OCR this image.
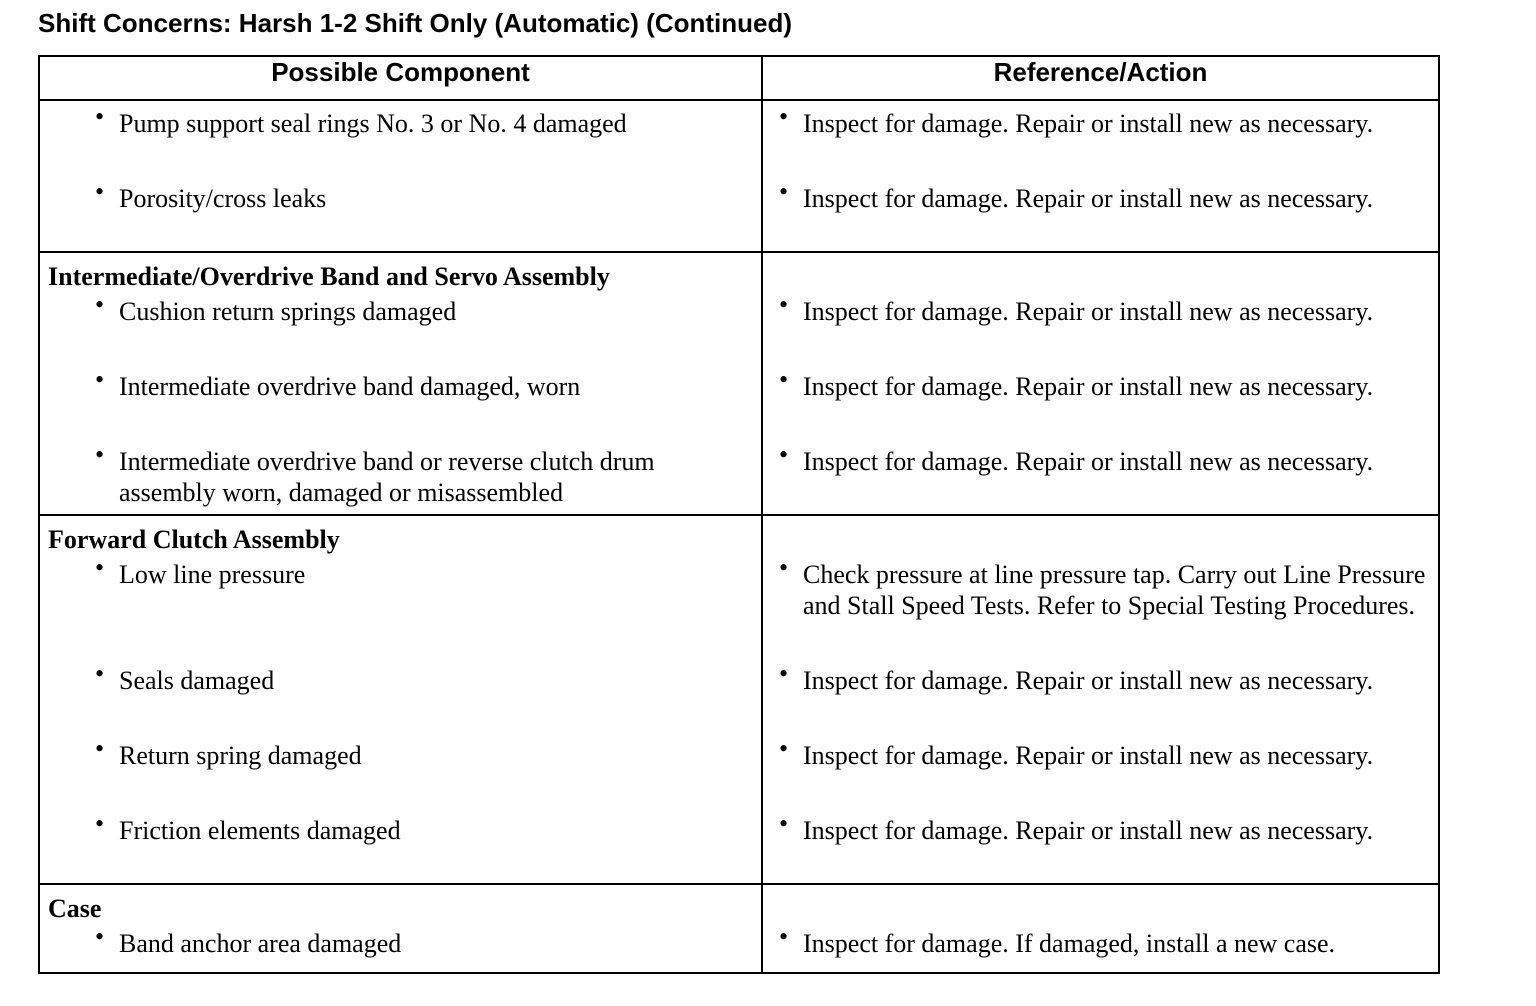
Shift Concerns: Harsh 1-2 Shift Only (Automatic) (Continued)
Possible Component	Reference/Action

• Pump support seal rings No. 3 or No. 4 damaged	• Inspect for damage. Repair or install new as necessary.

• Porosity/cross leaks	• Inspect for damage. Repair or install new as necessary.

Intermediate/Overdrive Band and Servo Assembly	

• Cushion return springs damaged	• Inspect for damage. Repair or install new as necessary.

• Intermediate overdrive band damaged, worn	• Inspect for damage. Repair or install new as necessary.

• Intermediate overdrive band or reverse clutch drum assembly worn, damaged or misassembled	• Inspect for damage. Repair or install new as necessary.

Forward Clutch Assembly	

• Low line pressure	• Check pressure at line pressure tap. Carry out Line Pressure and Stall Speed Tests. Refer to Special Testing Procedures.

• Seals damaged	• Inspect for damage. Repair or install new as necessary.

• Return spring damaged	• Inspect for damage. Repair or install new as necessary.

• Friction elements damaged	• Inspect for damage. Repair or install new as necessary.

Case	

• Band anchor area damaged	• Inspect for damage. If damaged, install a new case.
